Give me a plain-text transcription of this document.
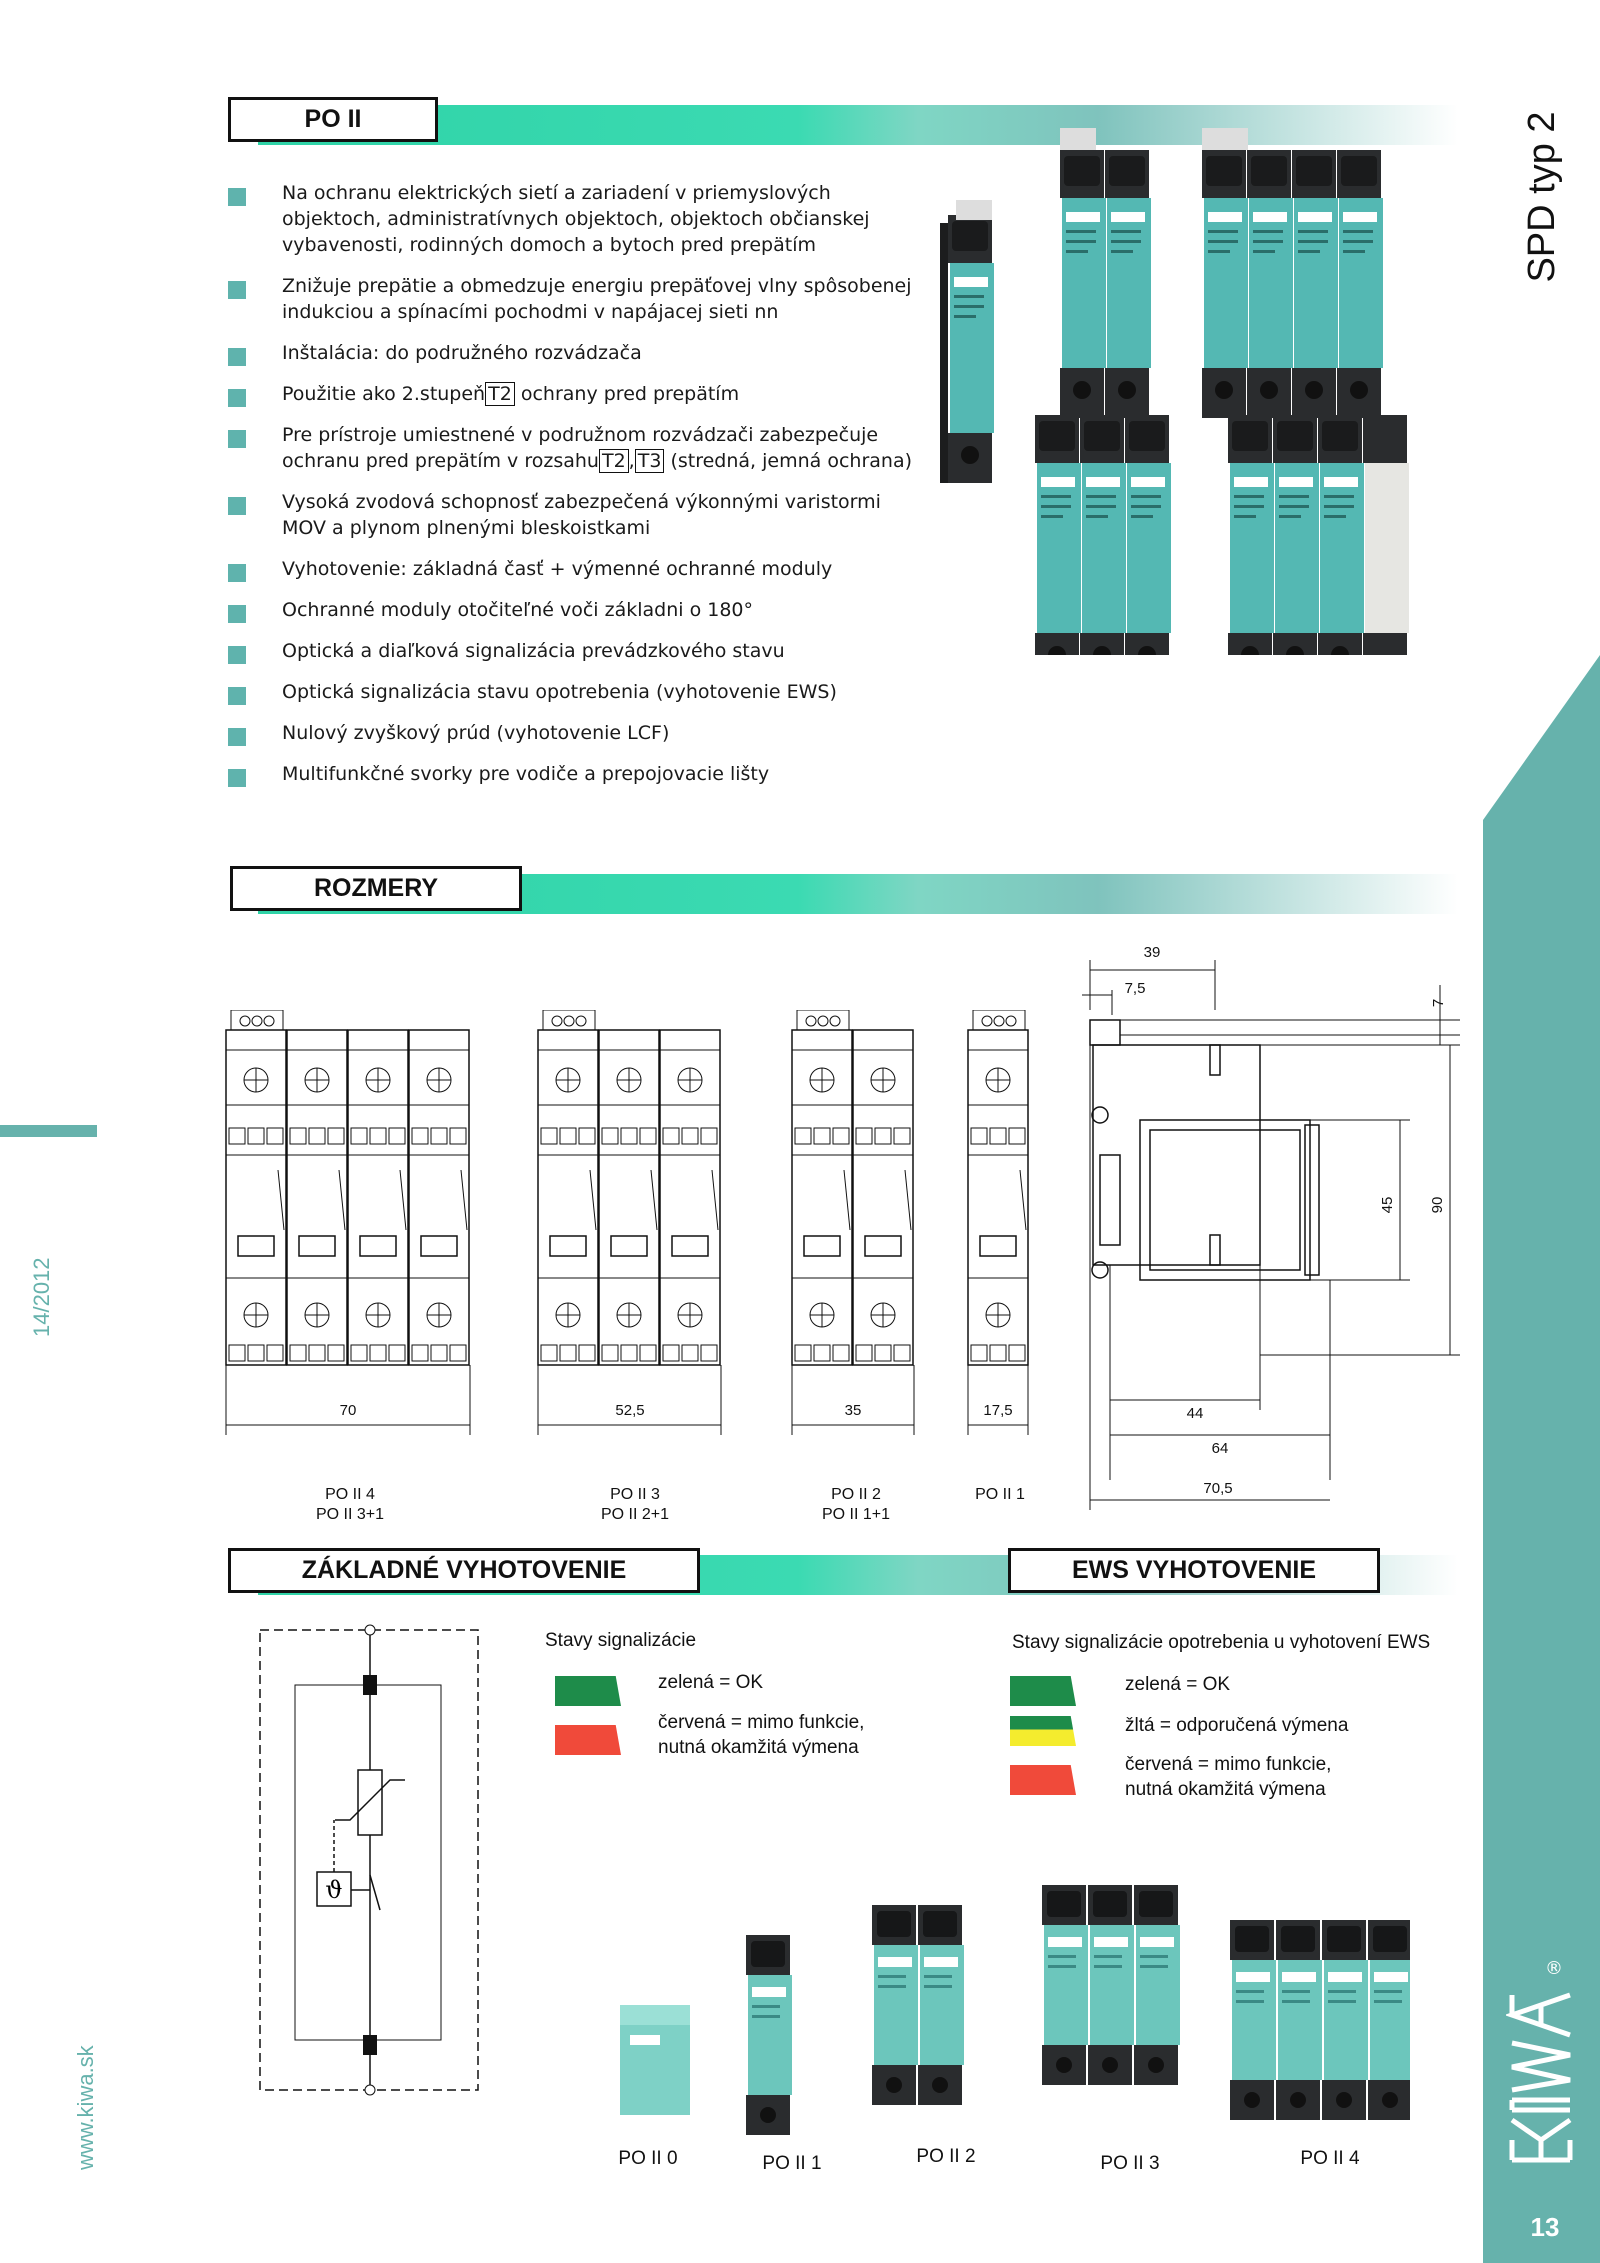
SPD typ 2
13
®
14/2012
www.kiwa.sk
PO II
Na ochranu elektrických sietí a zariadení v priemyslových objektoch, administratívnych objektoch, objektoch občianskej vybavenosti, rodinných domoch a bytoch pred prepätím
Znižuje prepätie a obmedzuje energiu prepäťovej vlny spôsobenej indukciou a spínacími pochodmi v napájacej sieti nn
Inštalácia: do podružného rozvádzača
Použitie ako 2.stupeň T2 ochrany pred prepätím
Pre prístroje umiestnené v podružnom rozvádzači zabezpečuje ochranu pred prepätím v rozsahu T2 , T3 (stredná, jemná ochrana)
Vysoká zvodová schopnosť zabezpečená výkonnými varistormi MOV a plynom plnenými bleskoistkami
Vyhotovenie: základná časť + výmenné ochranné moduly
Ochranné moduly otočiteľné voči základni o 180°
Optická a diaľková signalizácia prevádzkového stavu
Optická signalizácia stavu opotrebenia (vyhotovenie EWS)
Nulový zvyškový prúd (vyhotovenie LCF)
Multifunkčné svorky pre vodiče a prepojovacie lišty
ROZMERY
70	52,5	35	17,5
39
7,5
7
45 90
44
64
70,5
PO II 4
PO II 3+1
PO II 3
PO II 2+1
PO II 2
PO II 1+1
PO II 1
ZÁKLADNÉ VYHOTOVENIE	EWS VYHOTOVENIE
ϑ
Stavy signalizácie
zelená = OK
červená = mimo funkcie,
nutná okamžitá výmena
Stavy signalizácie opotrebenia u vyhotovení EWS
zelená = OK
žltá = odporučená výmena
červená = mimo funkcie,
nutná okamžitá výmena
PO II 0	PO II 1	PO II 2	PO II 3	PO II 4
